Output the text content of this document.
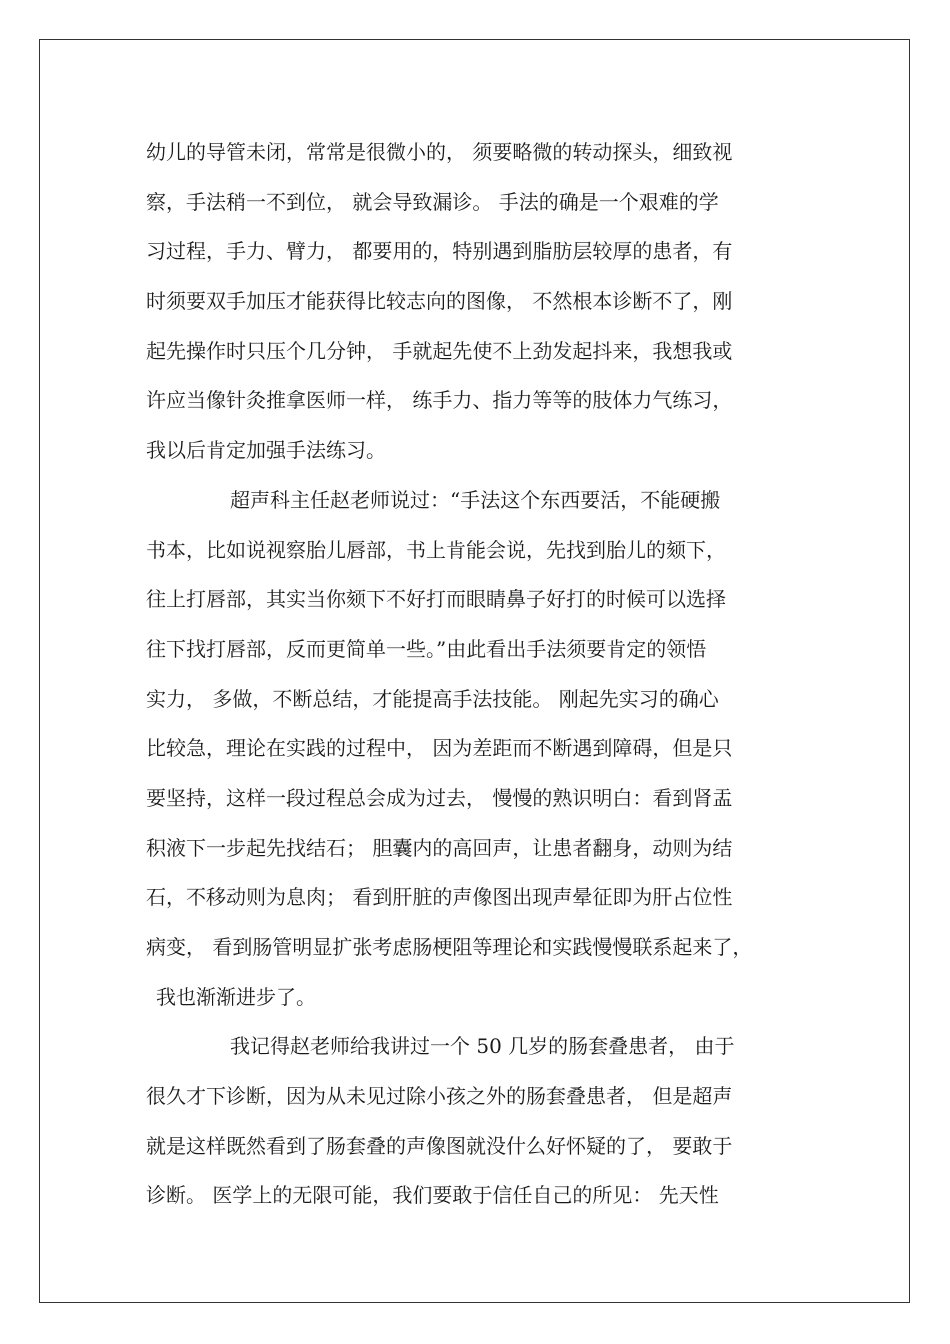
幼儿的导管未闭，常常是很微小的， 须要略微的转动探头，细致视
察，手法稍一不到位， 就会导致漏诊。 手法的确是一个艰难的学
习过程，手力、臂力， 都要用的，特别遇到脂肪层较厚的患者，有
时须要双手加压才能获得比较志向的图像， 不然根本诊断不了，刚
起先操作时只压个几分钟， 手就起先使不上劲发起抖来，我想我或
许应当像针灸推拿医师一样， 练手力、指力等等的肢体力气练习，
我以后肯定加强手法练习。
超声科主任赵老师说过：“手法这个东西要活，不能硬搬
书本，比如说视察胎儿唇部，书上肯能会说，先找到胎儿的颏下，
往上打唇部，其实当你颏下不好打而眼睛鼻子好打的时候可以选择
往下找打唇部，反而更简单一些。”由此看出手法须要肯定的领悟
实力， 多做，不断总结，才能提高手法技能。 刚起先实习的确心
比较急，理论在实践的过程中， 因为差距而不断遇到障碍，但是只
要坚持，这样一段过程总会成为过去， 慢慢的熟识明白：看到肾盂
积液下一步起先找结石； 胆囊内的高回声，让患者翻身，动则为结
石，不移动则为息肉； 看到肝脏的声像图出现声晕征即为肝占位性
病变， 看到肠管明显扩张考虑肠梗阻等理论和实践慢慢联系起来了，
我也渐渐进步了。
我记得赵老师给我讲过一个 50 几岁的肠套叠患者， 由于
很久才下诊断，因为从未见过除小孩之外的肠套叠患者， 但是超声
就是这样既然看到了肠套叠的声像图就没什么好怀疑的了， 要敢于
诊断。 医学上的无限可能，我们要敢于信任自己的所见： 先天性
